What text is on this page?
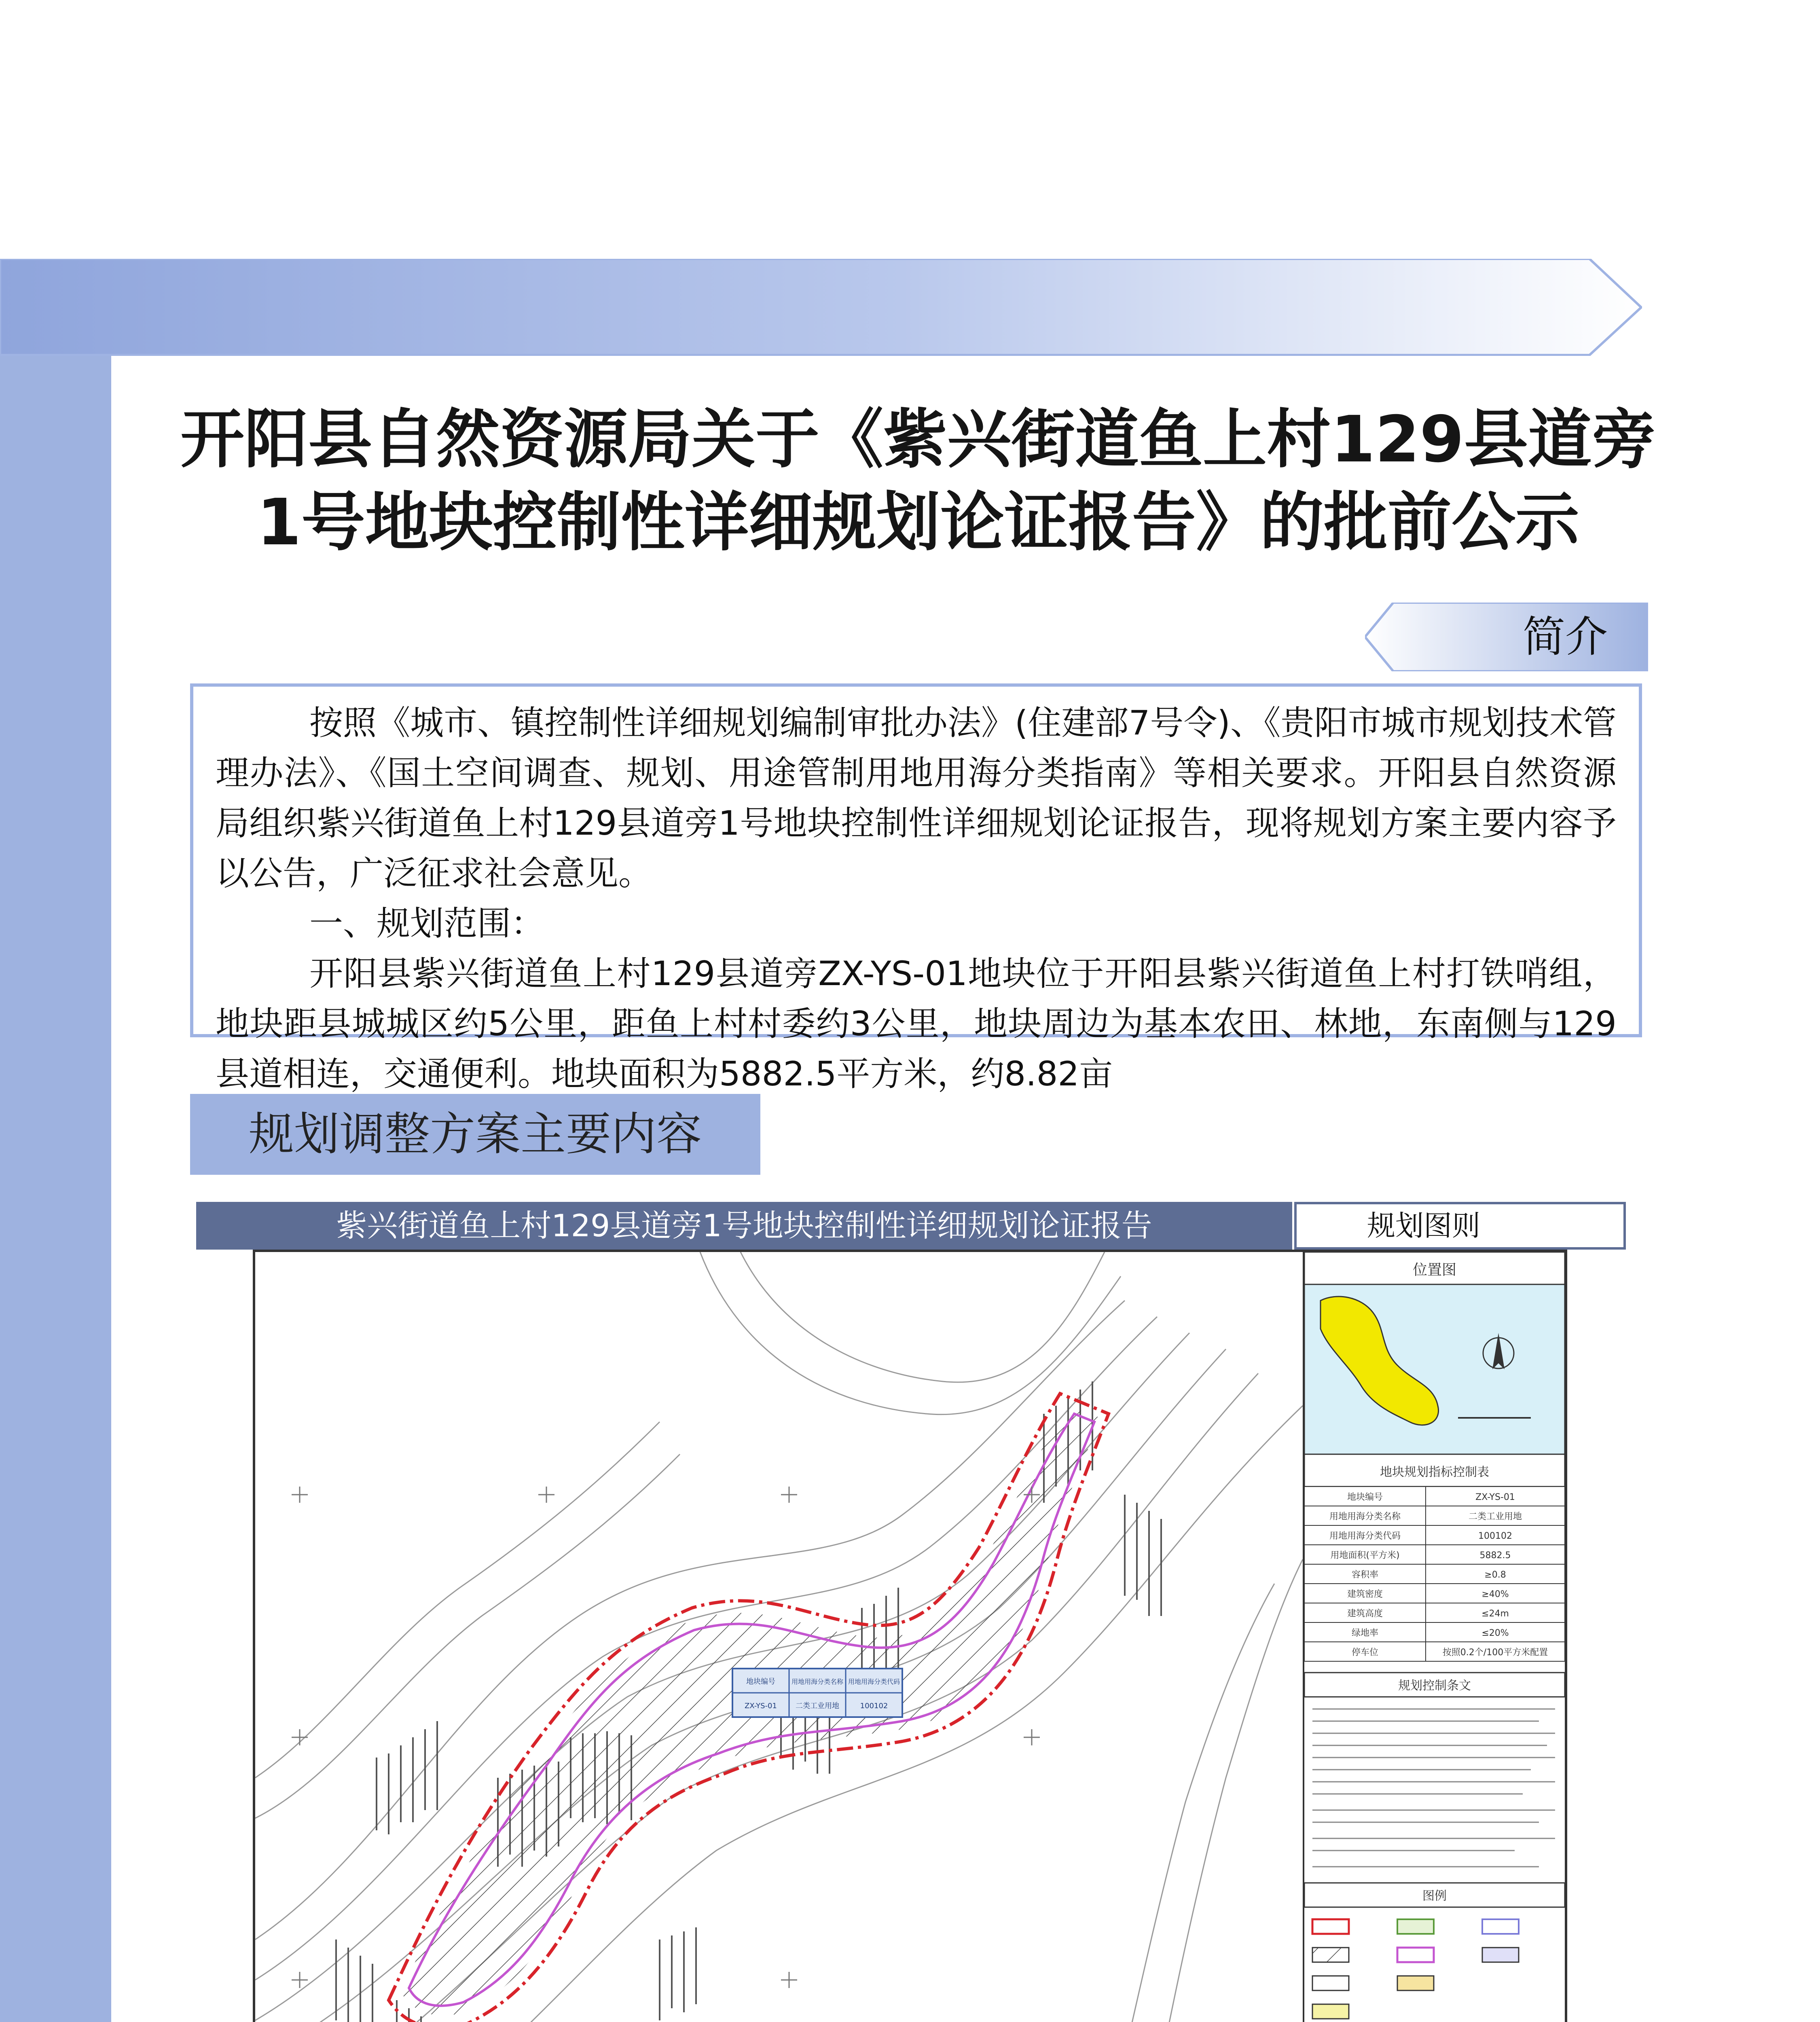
开阳县自然资源局关于《紫兴街道鱼上村129县道旁1号地块控制性详细规划论证报告》的批前公示
简介

按照《城市、镇控制性详细规划编制审批办法》(住建部7号令)、《贵阳市城市规划技术管理办法》、《国土空间调查、规划、用途管制用地用海分类指南》等相关要求。开阳县自然资源局组织紫兴街道鱼上村129县道旁1号地块控制性详细规划论证报告，现将规划方案主要内容予以公告，广泛征求社会意见。

一、规划范围：

开阳县紫兴街道鱼上村129县道旁ZX-YS-01地块位于开阳县紫兴街道鱼上村打铁哨组，地块距县城城区约5公里，距鱼上村村委约3公里，地块周边为基本农田、林地，东南侧与129县道相连，交通便利。地块面积为5882.5平方米，约8.82亩

规划调整方案主要内容
紫兴街道鱼上村129县道旁1号地块控制性详细规划论证报告	规划图则
地块编号 用地用海分类名称 用地用海分类代码
ZX-YS-01	二类工业用地	100102
位置图
地块规划指标控制表
地块编号	ZX-YS-01
用地用海分类名称	二类工业用地
用地用海分类代码	100102
用地面积(平方米)	5882.5
容积率	≥0.8
建筑密度	≥40%
建筑高度	≤24m
绿地率	≤20%
停车位	按照0.2个/100平方米配置
规划控制条文
图例
